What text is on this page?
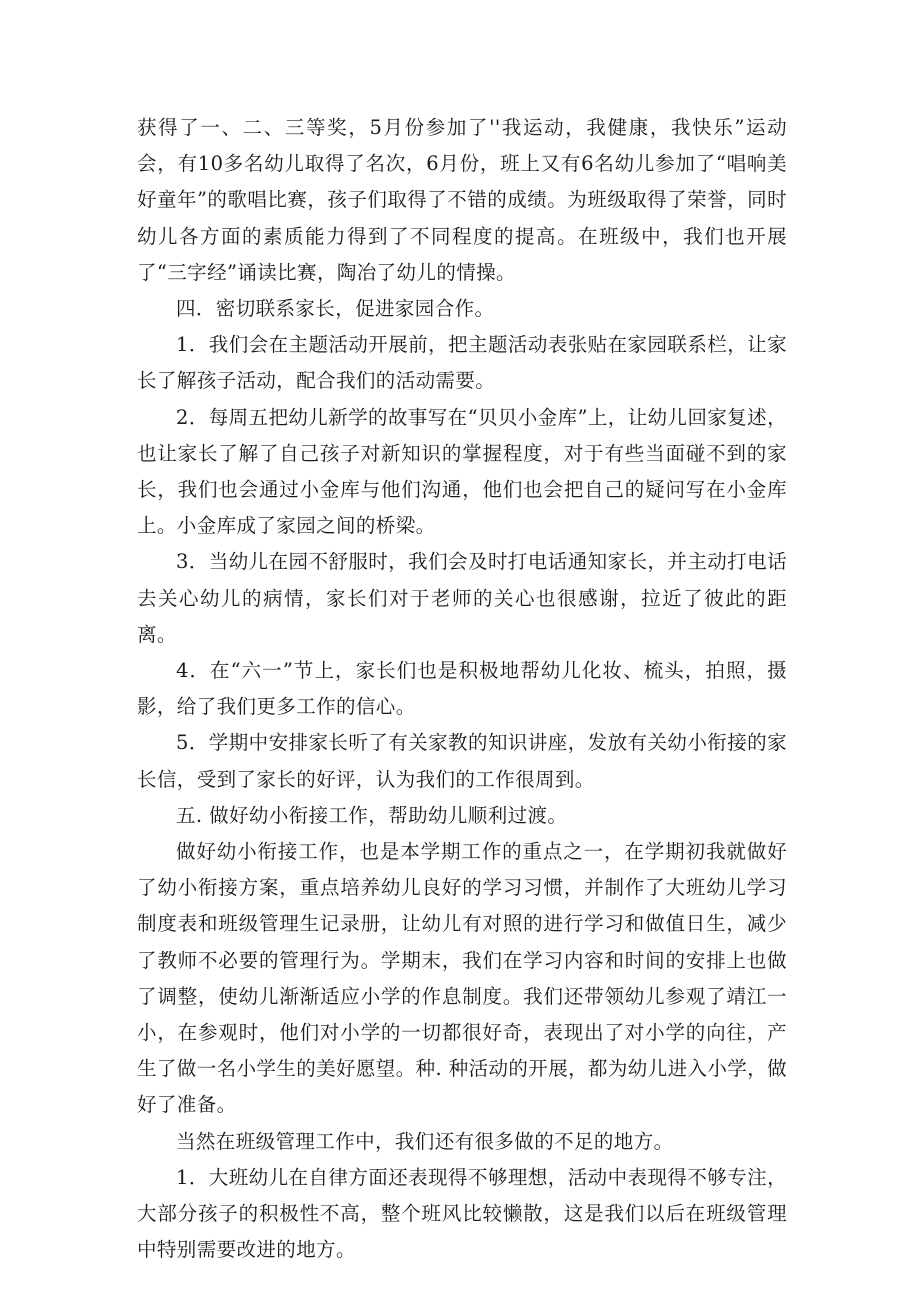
获得了一、二、三等奖，5月份参加了''我运动，我健康，我快乐”运动会，有10多名幼儿取得了名次，6月份，班上又有6名幼儿参加了“唱响美好童年”的歌唱比赛，孩子们取得了不错的成绩。为班级取得了荣誉，同时幼儿各方面的素质能力得到了不同程度的提高。在班级中，我们也开展了“三字经”诵读比赛，陶冶了幼儿的情操。

四．密切联系家长，促进家园合作。

1．我们会在主题活动开展前，把主题活动表张贴在家园联系栏，让家长了解孩子活动，配合我们的活动需要。

2．每周五把幼儿新学的故事写在“贝贝小金库”上，让幼儿回家复述，也让家长了解了自己孩子对新知识的掌握程度，对于有些当面碰不到的家长，我们也会通过小金库与他们沟通，他们也会把自己的疑问写在小金库上。小金库成了家园之间的桥梁。

3．当幼儿在园不舒服时，我们会及时打电话通知家长，并主动打电话去关心幼儿的病情，家长们对于老师的关心也很感谢，拉近了彼此的距离。

4．在“六一”节上，家长们也是积极地帮幼儿化妆、梳头，拍照，摄影，给了我们更多工作的信心。

5．学期中安排家长听了有关家教的知识讲座，发放有关幼小衔接的家长信，受到了家长的好评，认为我们的工作很周到。

五. 做好幼小衔接工作，帮助幼儿顺利过渡。

做好幼小衔接工作，也是本学期工作的重点之一，在学期初我就做好了幼小衔接方案，重点培养幼儿良好的学习习惯，并制作了大班幼儿学习制度表和班级管理生记录册，让幼儿有对照的进行学习和做值日生，减少了教师不必要的管理行为。学期末，我们在学习内容和时间的安排上也做了调整，使幼儿渐渐适应小学的作息制度。我们还带领幼儿参观了靖江一小，在参观时，他们对小学的一切都很好奇，表现出了对小学的向往，产生了做一名小学生的美好愿望。种. 种活动的开展，都为幼儿进入小学，做好了准备。

当然在班级管理工作中，我们还有很多做的不足的地方。

1．大班幼儿在自律方面还表现得不够理想，活动中表现得不够专注，大部分孩子的积极性不高，整个班风比较懒散，这是我们以后在班级管理中特别需要改进的地方。
